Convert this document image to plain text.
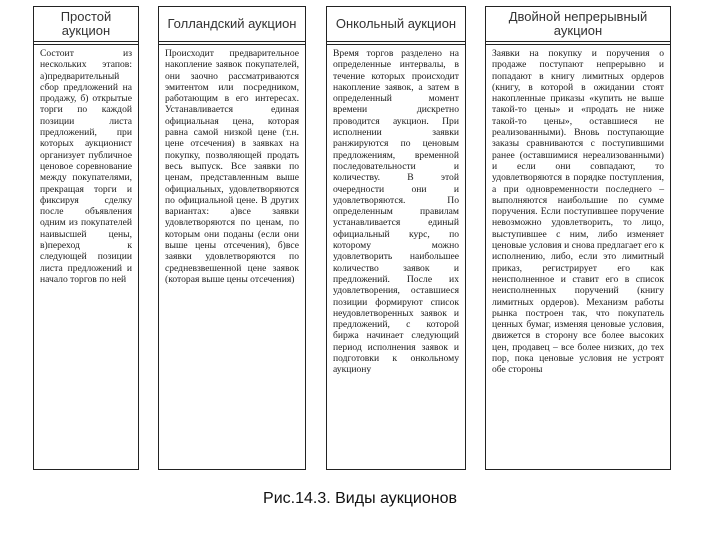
Простой аукцион
Состоит из нескольких этапов: а)предварительный сбор предложений на продажу, б) открытые торги по каждой позиции листа предложений, при которых аукционист организует публичное ценовое соревнование между покупателями, прекращая торги и фиксируя сделку после объявления одним из покупателей наивысшей цены, в)переход к следующей позиции листа предложений и начало торгов по ней
Голландский аукцион
Происходит предварительное накопление заявок покупателей, они заочно рассматриваются эмитентом или посредником, работающим в его интересах. Устанавливается единая официальная цена, которая равна самой низкой цене (т.н. цене отсечения) в заявках на покупку, позволяющей продать весь выпуск. Все заявки по ценам, представленным выше официальных, удовлетворяются по официальной цене. В других вариантах: а)все заявки удовлетворяются по ценам, по которым они поданы (если они выше цены отсечения), б)все заявки удовлетворяются по средневзвешенной цене заявок (которая выше цены отсечения)
Онкольный аукцион
Время торгов разделено на определенные интервалы, в течение которых происходит накопление заявок, а затем в определенный момент времени дискретно проводится аукцион. При исполнении заявки ранжируются по ценовым предложениям, временной последовательности и количеству. В этой очередности они и удовлетворяются. По определенным правилам устанавливается единый официальный курс, по которому можно удовлетворить наибольшее количество заявок и предложений. После их удовлетворения, оставшиеся позиции формируют список неудовлетворенных заявок и предложений, с которой биржа начинает следующий период исполнения заявок и подготовки к онкольному аукциону
Двойной непрерывный аукцион
Заявки на покупку и поручения о продаже поступают непрерывно и попадают в книгу лимитных ордеров (книгу, в которой в ожидании стоят накопленные приказы «купить не выше такой-то цены» и «продать не ниже такой-то цены», оставшиеся не реализованными). Вновь поступающие заказы сравниваются с поступившими ранее (оставшимися нереализованными) и если они совпадают, то удовлетворяются в порядке поступления, а при одновременности последнего – выполняются наибольшие по сумме поручения. Если поступившее поручение невозможно удовлетворить, то лицо, выступившее с ним, либо изменяет ценовые условия и снова предлагает его к исполнению, либо, если это лимитный приказ, регистрирует его как неисполненное и ставит его в список неисполненных поручений (книгу лимитных ордеров). Механизм работы рынка построен так, что покупатель ценных бумаг, изменяя ценовые условия, движется в сторону все более высоких цен, продавец – все более низких, до тех пор, пока ценовые условия не устроят обе стороны
Рис.14.3. Виды аукционов
